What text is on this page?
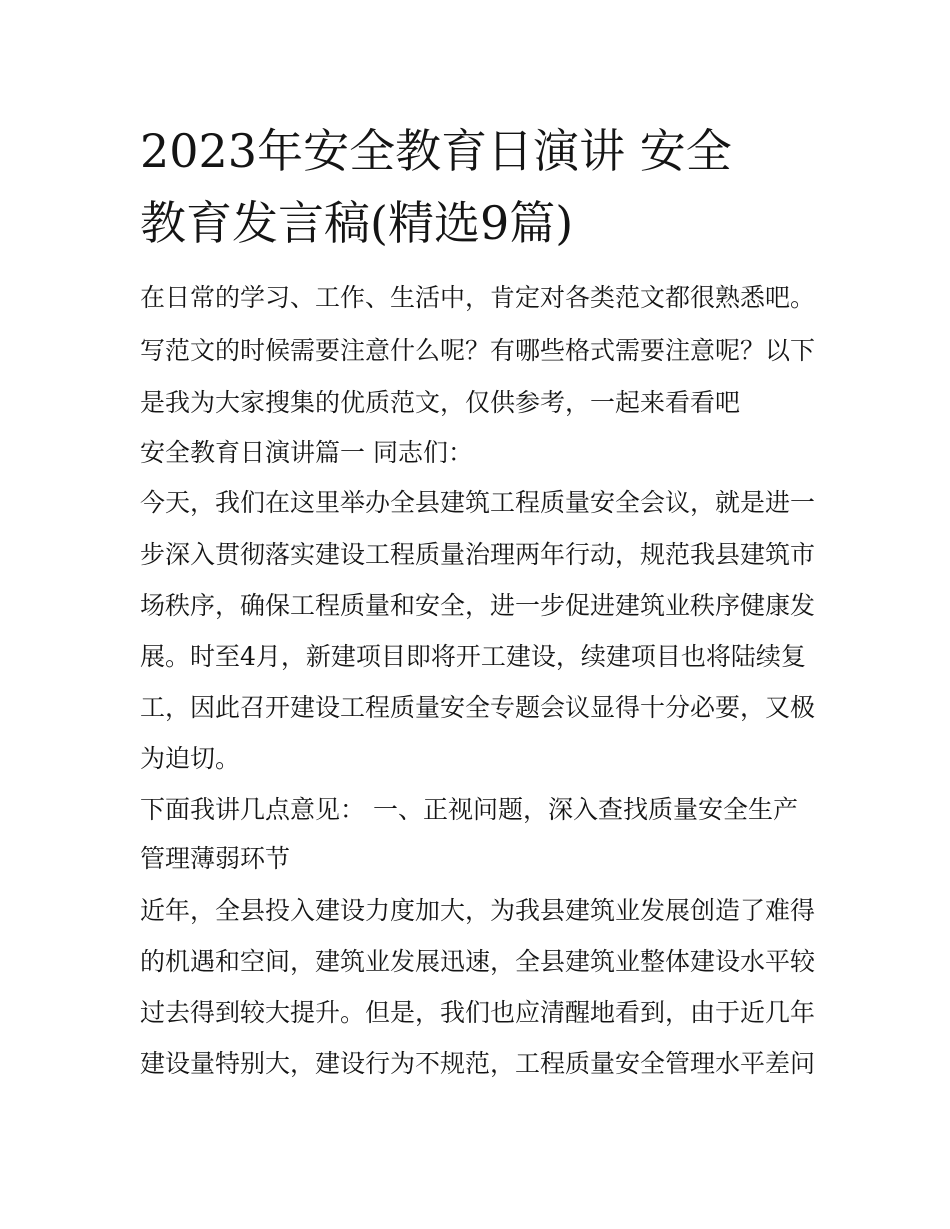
2023年安全教育日演讲 安全
教育发言稿(精选9篇)
在日常的学习、工作、生活中，肯定对各类范文都很熟悉吧。
写范文的时候需要注意什么呢？有哪些格式需要注意呢？以下
是我为大家搜集的优质范文，仅供参考，一起来看看吧
安全教育日演讲篇一 同志们：
今天，我们在这里举办全县建筑工程质量安全会议，就是进一
步深入贯彻落实建设工程质量治理两年行动，规范我县建筑市
场秩序，确保工程质量和安全，进一步促进建筑业秩序健康发
展。时至4月，新建项目即将开工建设，续建项目也将陆续复
工，因此召开建设工程质量安全专题会议显得十分必要，又极
为迫切。
下面我讲几点意见： 一、正视问题，深入查找质量安全生产
管理薄弱环节
近年，全县投入建设力度加大，为我县建筑业发展创造了难得
的机遇和空间，建筑业发展迅速，全县建筑业整体建设水平较
过去得到较大提升。但是，我们也应清醒地看到，由于近几年
建设量特别大，建设行为不规范，工程质量安全管理水平差问
